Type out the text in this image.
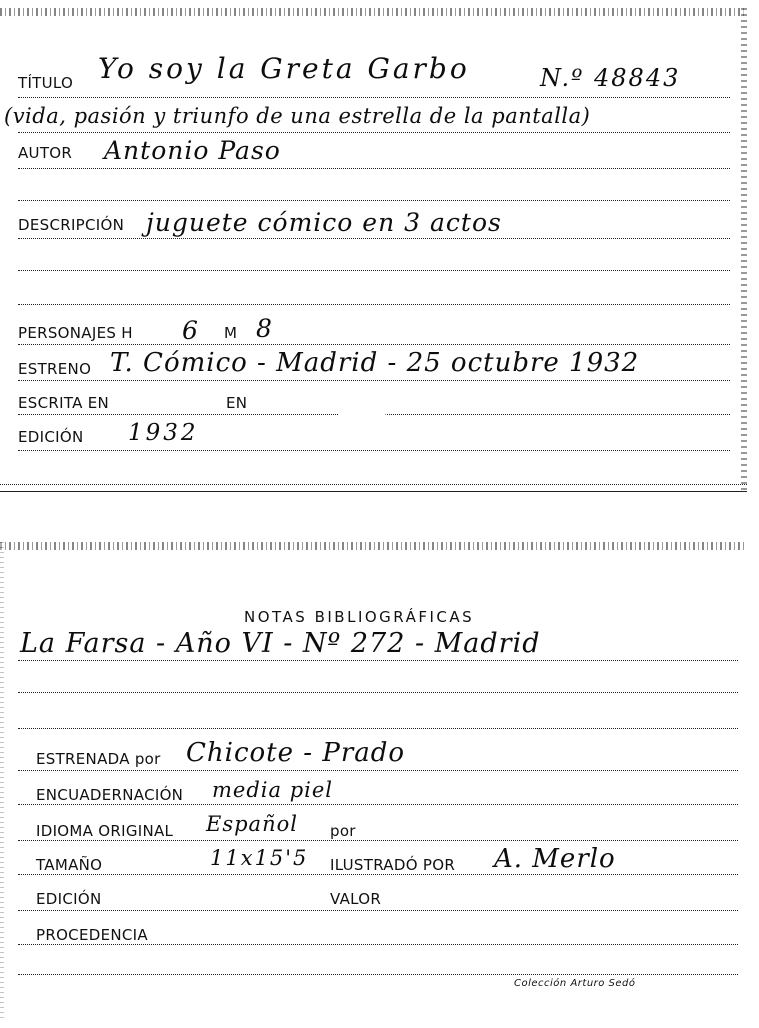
TÍTULO Yo soy la Greta Garbo	N.º 48843
(vida, pasión y triunfo de una estrella de la pantalla)
AUTOR Antonio Paso
DESCRIPCIÓN juguete cómico en 3 actos
PERSONAJES H 6 M 8
ESTRENO T. Cómico - Madrid - 25 octubre 1932
ESCRITA EN	EN
EDICIÓN 1932
NOTAS BIBLIOGRÁFICAS
La Farsa - Año VI - Nº 272 - Madrid
ESTRENADA por Chicote - Prado
ENCUADERNACIÓN media piel
IDIOMA ORIGINAL Español por
TAMAÑO	11x15'5 ILUSTRADÓ POR A. Merlo
EDICIÓN	VALOR
PROCEDENCIA
Colección Arturo Sedó
